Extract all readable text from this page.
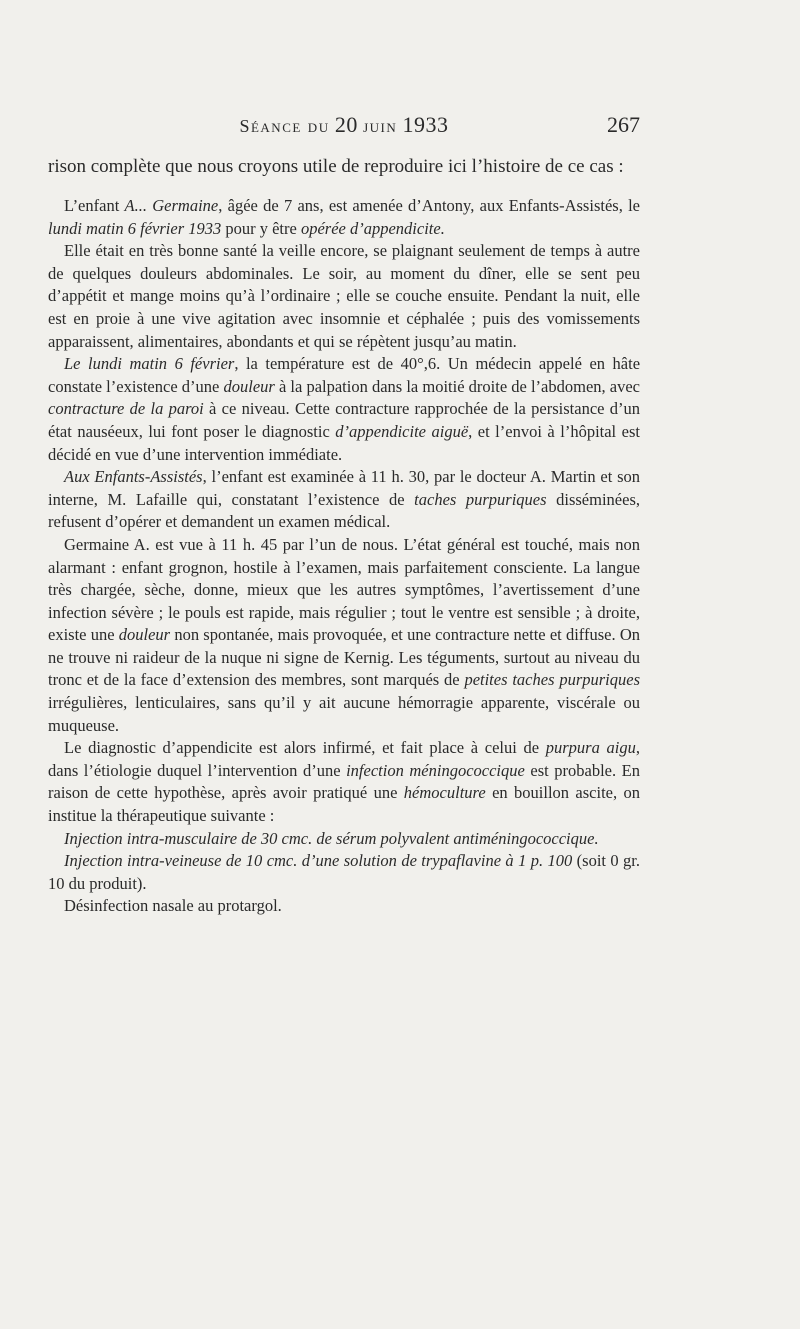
Séance du 20 juin 1933	267

rison complète que nous croyons utile de reproduire ici l’histoire de ce cas :

L’enfant A... Germaine, âgée de 7 ans, est amenée d’Antony, aux Enfants-Assistés, le lundi matin 6 février 1933 pour y être opérée d’appendicite.

Elle était en très bonne santé la veille encore, se plaignant seulement de temps à autre de quelques douleurs abdominales. Le soir, au moment du dîner, elle se sent peu d’appétit et mange moins qu’à l’ordinaire ; elle se couche ensuite. Pendant la nuit, elle est en proie à une vive agitation avec insomnie et céphalée ; puis des vomissements apparaissent, alimentaires, abondants et qui se répètent jusqu’au matin.

Le lundi matin 6 février, la température est de 40°,6. Un médecin appelé en hâte constate l’existence d’une douleur à la palpation dans la moitié droite de l’abdomen, avec contracture de la paroi à ce niveau. Cette contracture rapprochée de la persistance d’un état nauséeux, lui font poser le diagnostic d’appendicite aiguë, et l’envoi à l’hôpital est décidé en vue d’une intervention immédiate.

Aux Enfants-Assistés, l’enfant est examinée à 11 h. 30, par le docteur A. Martin et son interne, M. Lafaille qui, constatant l’existence de taches purpuriques disséminées, refusent d’opérer et demandent un examen médical.

Germaine A. est vue à 11 h. 45 par l’un de nous. L’état général est touché, mais non alarmant : enfant grognon, hostile à l’examen, mais parfaitement consciente. La langue très chargée, sèche, donne, mieux que les autres symptômes, l’avertissement d’une infection sévère ; le pouls est rapide, mais régulier ; tout le ventre est sensible ; à droite, existe une douleur non spontanée, mais provoquée, et une contracture nette et diffuse. On ne trouve ni raideur de la nuque ni signe de Kernig. Les téguments, surtout au niveau du tronc et de la face d’extension des membres, sont marqués de petites taches purpuriques irrégulières, lenticulaires, sans qu’il y ait aucune hémorragie apparente, viscérale ou muqueuse.

Le diagnostic d’appendicite est alors infirmé, et fait place à celui de purpura aigu, dans l’étiologie duquel l’intervention d’une infection méningococcique est probable. En raison de cette hypothèse, après avoir pratiqué une hémoculture en bouillon ascite, on institue la thérapeutique suivante :

Injection intra-musculaire de 30 cmc. de sérum polyvalent antiméningococcique.

Injection intra-veineuse de 10 cmc. d’une solution de trypaflavine à 1 p. 100 (soit 0 gr. 10 du produit).

Désinfection nasale au protargol.
